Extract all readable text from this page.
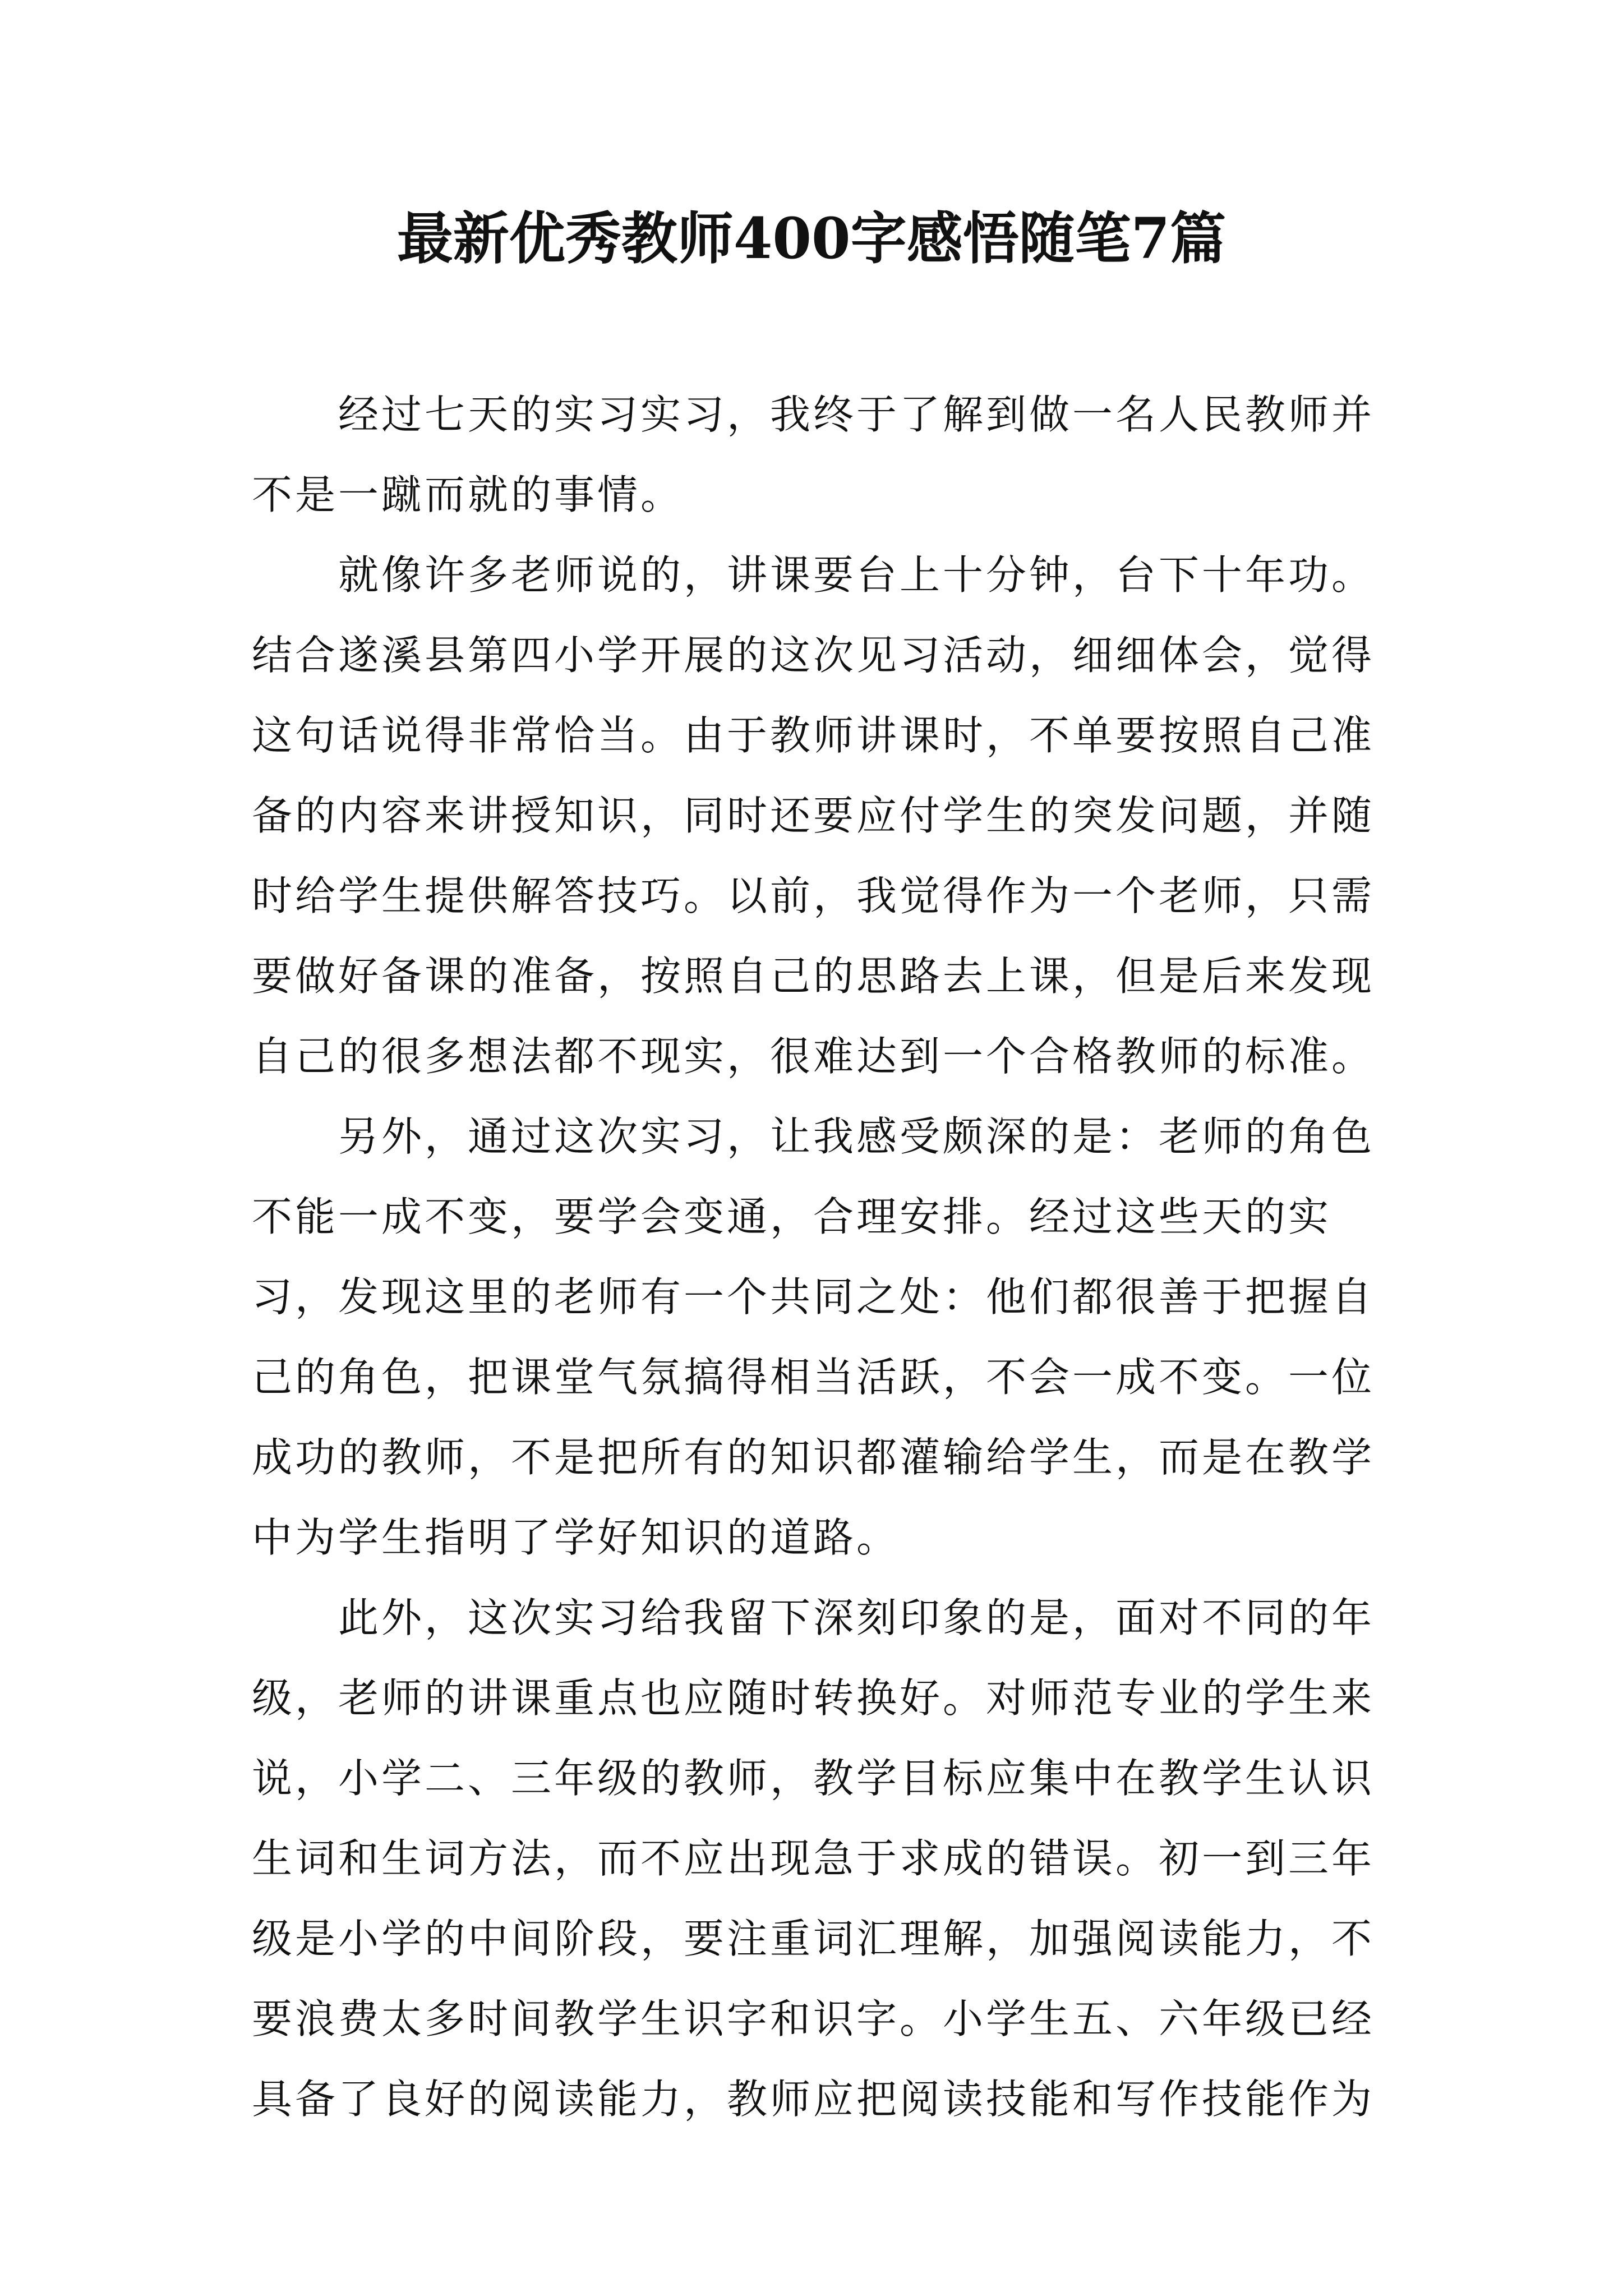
最新优秀教师400字感悟随笔7篇

经过七天的实习实习，我终于了解到做一名人民教师并不是一蹴而就的事情。

就像许多老师说的，讲课要台上十分钟，台下十年功。结合遂溪县第四小学开展的这次见习活动，细细体会，觉得这句话说得非常恰当。由于教师讲课时，不单要按照自己准备的内容来讲授知识，同时还要应付学生的突发问题，并随时给学生提供解答技巧。以前，我觉得作为一个老师，只需要做好备课的准备，按照自己的思路去上课，但是后来发现自己的很多想法都不现实，很难达到一个合格教师的标准。

另外，通过这次实习，让我感受颇深的是：老师的角色不能一成不变，要学会变通，合理安排。经过这些天的实习，发现这里的老师有一个共同之处：他们都很善于把握自己的角色，把课堂气氛搞得相当活跃，不会一成不变。一位成功的教师，不是把所有的知识都灌输给学生，而是在教学中为学生指明了学好知识的道路。

此外，这次实习给我留下深刻印象的是，面对不同的年级，老师的讲课重点也应随时转换好。对师范专业的学生来说，小学二、三年级的教师，教学目标应集中在教学生认识生词和生词方法，而不应出现急于求成的错误。初一到三年级是小学的中间阶段，要注重词汇理解，加强阅读能力，不要浪费太多时间教学生识字和识字。小学生五、六年级已经具备了良好的阅读能力，教师应把阅读技能和写作技能作为
